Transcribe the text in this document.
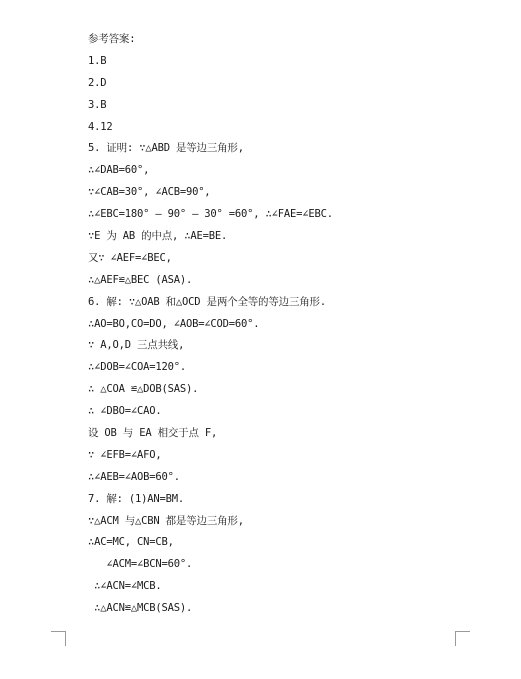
参考答案:
1.B
2.D
3.B
4.12
5. 证明: ∵△ABD 是等边三角形,
∴∠DAB=60°,
∵∠CAB=30°, ∠ACB=90°,
∴∠EBC=180° ‒ 90° ‒ 30° =60°, ∴∠FAE=∠EBC.
∵E 为 AB 的中点, ∴AE=BE.
又∵ ∠AEF=∠BEC,
∴△AEF≌△BEC (ASA).
6. 解: ∵△OAB 和△OCD 是两个全等的等边三角形.
∴AO=BO,CO=DO, ∠AOB=∠COD=60°.
∵ A,O,D 三点共线,
∴∠DOB=∠COA=120°.
∴ △COA ≌△DOB(SAS).
∴ ∠DBO=∠CAO.
设 OB 与 EA 相交于点 F,
∵ ∠EFB=∠AFO,
∴∠AEB=∠AOB=60°.
7. 解: (1)AN=BM.
∵△ACM 与△CBN 都是等边三角形,
∴AC=MC, CN=CB,
∠ACM=∠BCN=60°.
∴∠ACN=∠MCB.
∴△ACN≌△MCB(SAS).
